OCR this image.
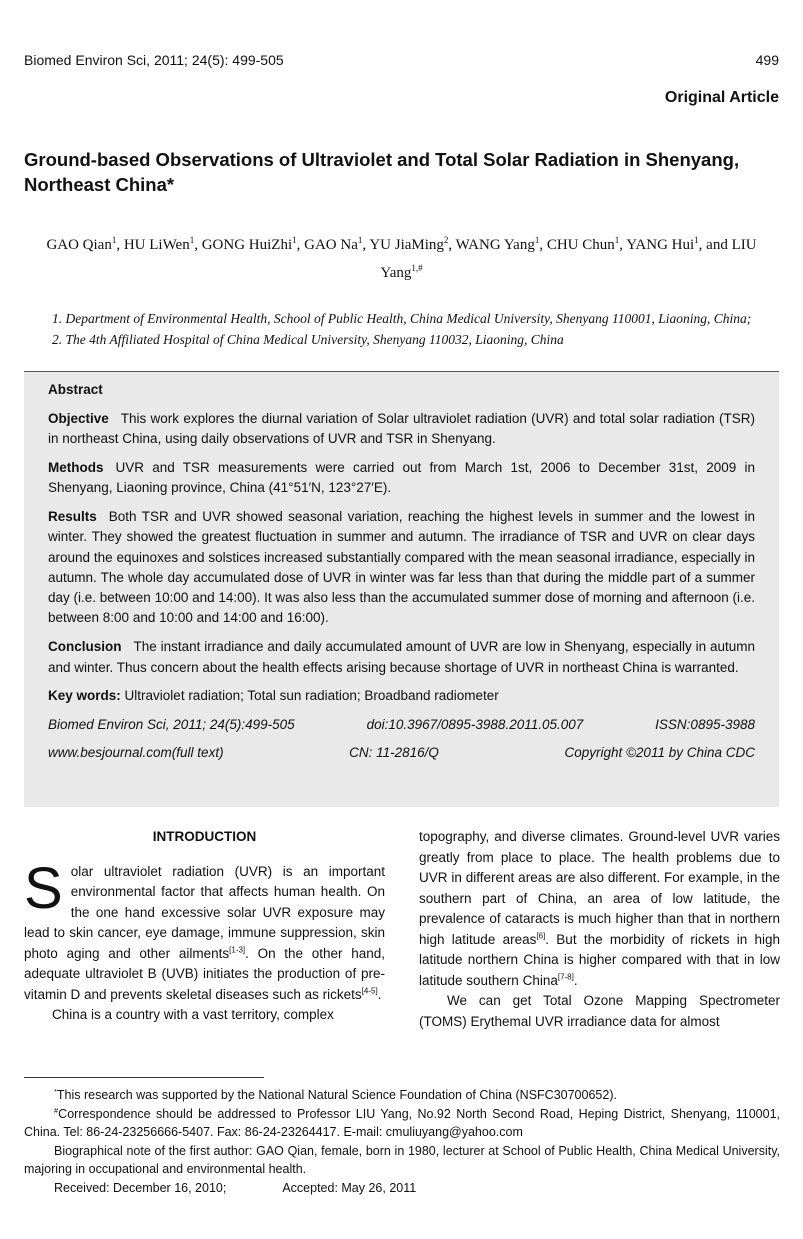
Biomed Environ Sci, 2011; 24(5): 499-505	499
Original Article
Ground-based Observations of Ultraviolet and Total Solar Radiation in Shenyang, Northeast China*
GAO Qian$^1$, HU LiWen$^1$, GONG HuiZhi$^1$, GAO Na$^1$, YU JiaMing$^2$, WANG Yang$^1$, CHU Chun$^1$, YANG Hui$^1$, and LIU Yang$^{1,\#}$
1. Department of Environmental Health, School of Public Health, China Medical University, Shenyang 110001, Liaoning, China; 2. The 4th Affiliated Hospital of China Medical University, Shenyang 110032, Liaoning, China

Abstract

Objective This work explores the diurnal variation of Solar ultraviolet radiation (UVR) and total solar radiation (TSR) in northeast China, using daily observations of UVR and TSR in Shenyang.

Methods UVR and TSR measurements were carried out from March 1st, 2006 to December 31st, 2009 in Shenyang, Liaoning province, China (41°51′N, 123°27′E).

Results Both TSR and UVR showed seasonal variation, reaching the highest levels in summer and the lowest in winter. They showed the greatest fluctuation in summer and autumn. The irradiance of TSR and UVR on clear days around the equinoxes and solstices increased substantially compared with the mean seasonal irradiance, especially in autumn. The whole day accumulated dose of UVR in winter was far less than that during the middle part of a summer day (i.e. between 10:00 and 14:00). It was also less than the accumulated summer dose of morning and afternoon (i.e. between 8:00 and 10:00 and 14:00 and 16:00).

Conclusion The instant irradiance and daily accumulated amount of UVR are low in Shenyang, especially in autumn and winter. Thus concern about the health effects arising because shortage of UVR in northeast China is warranted.

Key words: Ultraviolet radiation; Total sun radiation; Broadband radiometer

Biomed Environ Sci, 2011; 24(5):499-505	doi:10.3967/0895-3988.2011.05.007	ISSN:0895-3988
www.besjournal.com(full text)	CN: 11-2816/Q	Copyright ©2011 by China CDC
INTRODUCTION

Solar ultraviolet radiation (UVR) is an important environmental factor that affects human health. On the one hand excessive solar UVR exposure may lead to skin cancer, eye damage, immune suppression, skin photo aging and other ailments[1-3]. On the other hand, adequate ultraviolet B (UVB) initiates the production of pre-vitamin D and prevents skeletal diseases such as rickets[4-5].

China is a country with a vast territory, complex

topography, and diverse climates. Ground-level UVR varies greatly from place to place. The health problems due to UVR in different areas are also different. For example, in the southern part of China, an area of low latitude, the prevalence of cataracts is much higher than that in northern high latitude areas[6]. But the morbidity of rickets in high latitude northern China is higher compared with that in low latitude southern China[7-8].

We can get Total Ozone Mapping Spectrometer (TOMS) Erythemal UVR irradiance data for almost

*This research was supported by the National Natural Science Foundation of China (NSFC30700652).

#Correspondence should be addressed to Professor LIU Yang, No.92 North Second Road, Heping District, Shenyang, 110001, China. Tel: 86-24-23256666-5407. Fax: 86-24-23264417. E-mail: cmuliuyang@yahoo.com

Biographical note of the first author: GAO Qian, female, born in 1980, lecturer at School of Public Health, China Medical University, majoring in occupational and environmental health.

Received: December 16, 2010;	Accepted: May 26, 2011
